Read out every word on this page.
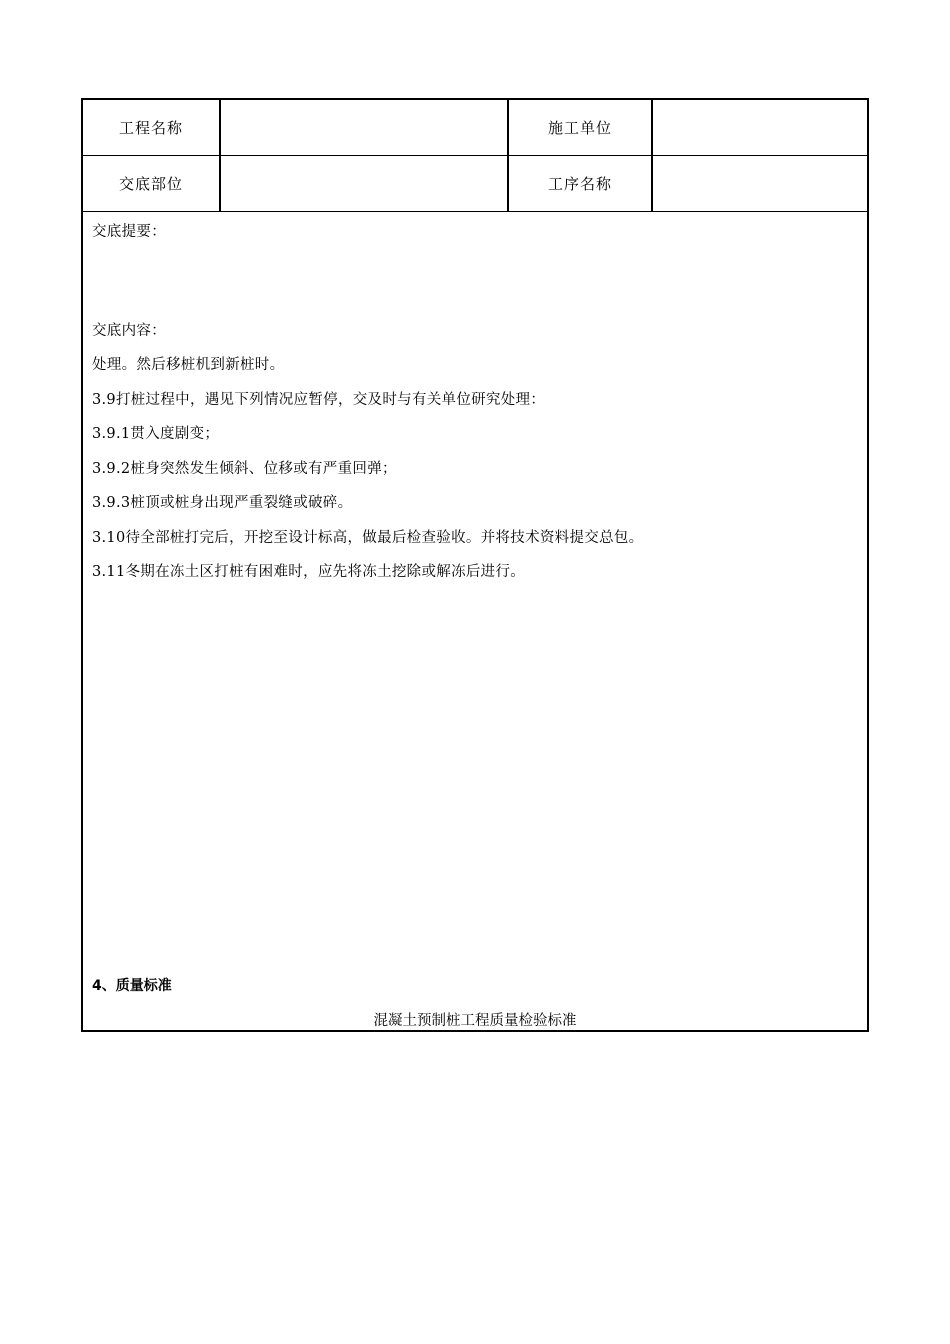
工程名称	施工单位
交底部位	工序名称
交底提要：
交底内容：
处理。然后移桩机到新桩时。
3.9打桩过程中，遇见下列情况应暂停，交及时与有关单位研究处理：
3.9.1贯入度剧变；
3.9.2桩身突然发生倾斜、位移或有严重回弹；
3.9.3桩顶或桩身出现严重裂缝或破碎。
3.10待全部桩打完后，开挖至设计标高，做最后检查验收。并将技术资料提交总包。
3.11冬期在冻土区打桩有困难时，应先将冻土挖除或解冻后进行。
4、质量标准
混凝土预制桩工程质量检验标准
